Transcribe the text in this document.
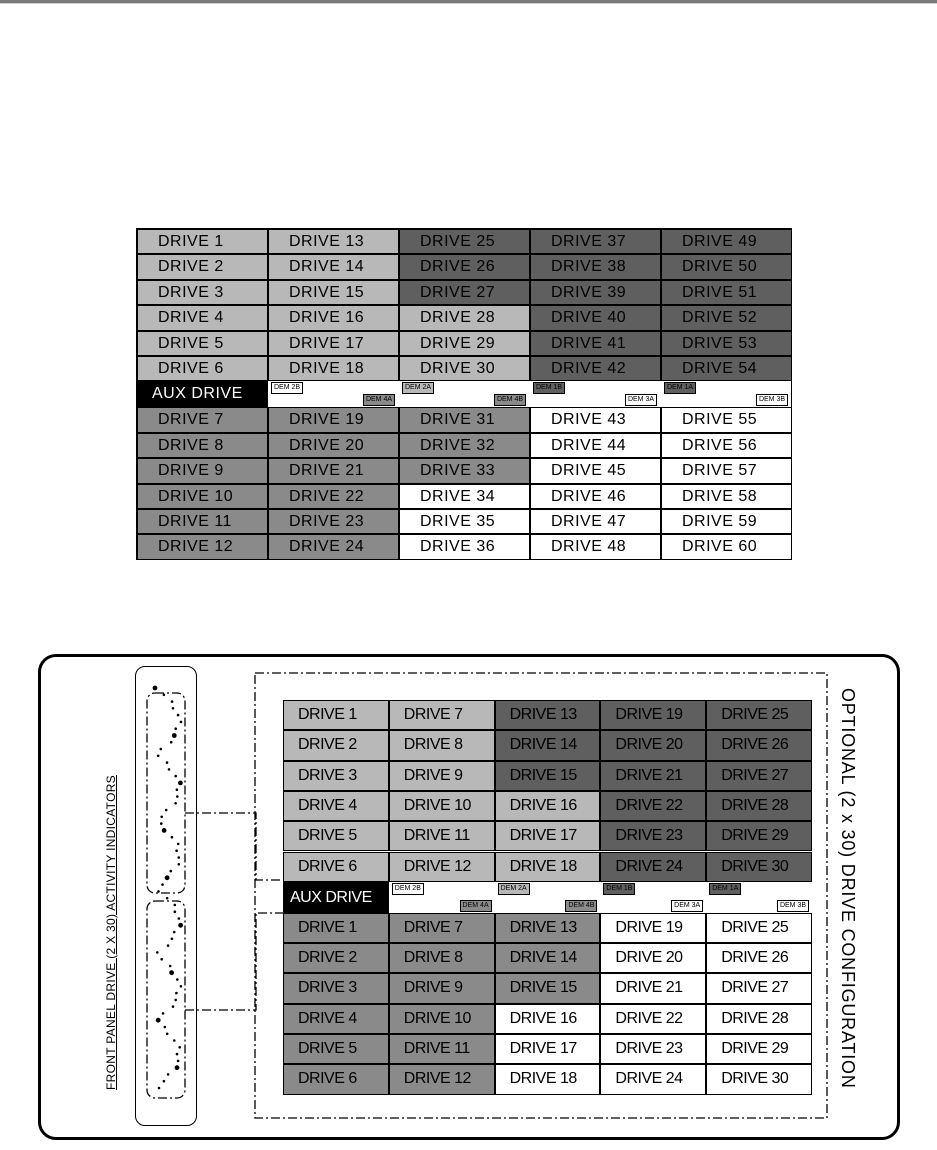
DRIVE 1
DRIVE 2
DRIVE 3
DRIVE 4
DRIVE 5
DRIVE 6
AUX DRIVE
DRIVE 7
DRIVE 8
DRIVE 9
DRIVE 10
DRIVE 11
DRIVE 12
DRIVE 13
DRIVE 14
DRIVE 15
DRIVE 16
DRIVE 17
DRIVE 18
DEM 2B
DEM 4A
DRIVE 19
DRIVE 20
DRIVE 21
DRIVE 22
DRIVE 23
DRIVE 24
DRIVE 25
DRIVE 26
DRIVE 27
DRIVE 28
DRIVE 29
DRIVE 30
DEM 2A
DEM 4B
DRIVE 31
DRIVE 32
DRIVE 33
DRIVE 34
DRIVE 35
DRIVE 36
DRIVE 37
DRIVE 38
DRIVE 39
DRIVE 40
DRIVE 41
DRIVE 42
DEM 1B
DEM 3A
DRIVE 43
DRIVE 44
DRIVE 45
DRIVE 46
DRIVE 47
DRIVE 48
DRIVE 49
DRIVE 50
DRIVE 51
DRIVE 52
DRIVE 53
DRIVE 54
DEM 1A
DEM 3B
DRIVE 55
DRIVE 56
DRIVE 57
DRIVE 58
DRIVE 59
DRIVE 60
DRIVE 1
DRIVE 2
DRIVE 3
DRIVE 4
DRIVE 5
DRIVE 6
AUX DRIVE
DRIVE 1
DRIVE 2
DRIVE 3
DRIVE 4
DRIVE 5
DRIVE 6
DRIVE 7
DRIVE 8
DRIVE 9
DRIVE 10
DRIVE 11
DRIVE 12
DEM 2B
DEM 4A
DRIVE 7
DRIVE 8
DRIVE 9
DRIVE 10
DRIVE 11
DRIVE 12
DRIVE 13
DRIVE 14
DRIVE 15
DRIVE 16
DRIVE 17
DRIVE 18
DEM 2A
DEM 4B
DRIVE 13
DRIVE 14
DRIVE 15
DRIVE 16
DRIVE 17
DRIVE 18
DRIVE 19
DRIVE 20
DRIVE 21
DRIVE 22
DRIVE 23
DRIVE 24
DEM 1B
DEM 3A
DRIVE 19
DRIVE 20
DRIVE 21
DRIVE 22
DRIVE 23
DRIVE 24
DRIVE 25
DRIVE 26
DRIVE 27
DRIVE 28
DRIVE 29
DRIVE 30
DEM 1A
DEM 3B
DRIVE 25
DRIVE 26
DRIVE 27
DRIVE 28
DRIVE 29
DRIVE 30
FRONT PANEL DRIVE (2 X 30) ACTIVITY INDICATORS	OPTIONAL (2 x 30) DRIVE CONFIGURATION
